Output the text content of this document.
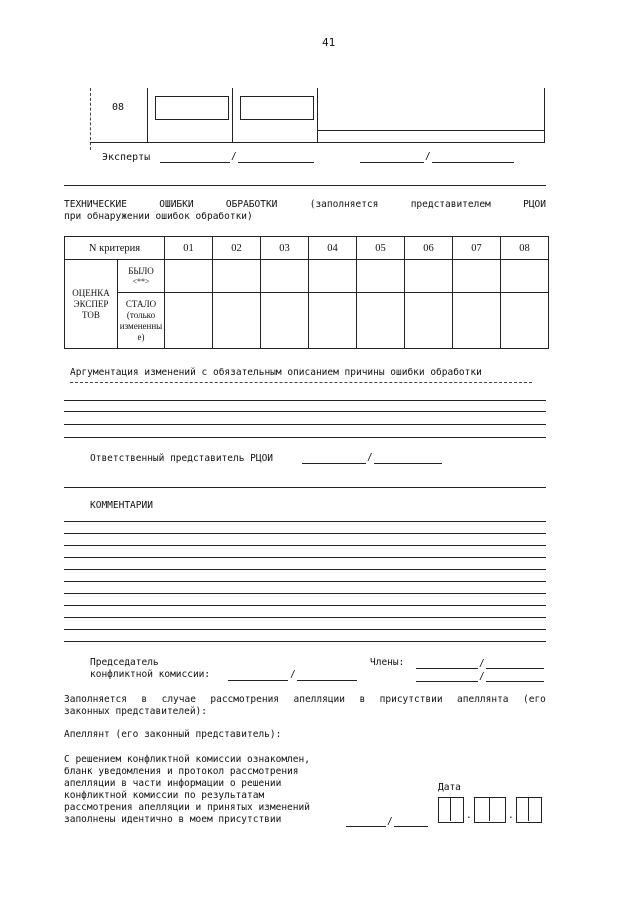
41
08
Эксперты	/	/
ТЕХНИЧЕСКИЕ	ОШИБКИ	ОБРАБОТКИ	(заполняется	представителем	РЦОИ
при обнаружении ошибок обработки)
N критерия		01	02	03	04	05	06	07	08

ОЦЕНКА ЭКСПЕР ТОВ	БЫЛО
<**>								

	СТАЛО (только измененны е)								

Аргументация изменений с обязательным описанием причины ошибки обработки
Ответственный представитель РЦОИ	/
КОММЕНТАРИИ
Председатель
конфликтной комиссии:	/
Члены:	/
/
Заполняется в случае рассмотрения апелляции в присутствии апеллянта (его
законных представителей):
Апеллянт (его законный представитель):
С решением конфликтной комиссии ознакомлен,
бланк уведомления и протокол рассмотрения
апелляции в части информации о решении
конфликтной комиссии по результатам
рассмотрения апелляции и принятых изменений
заполнены идентично в моем присутствии	/
Дата
.	.
